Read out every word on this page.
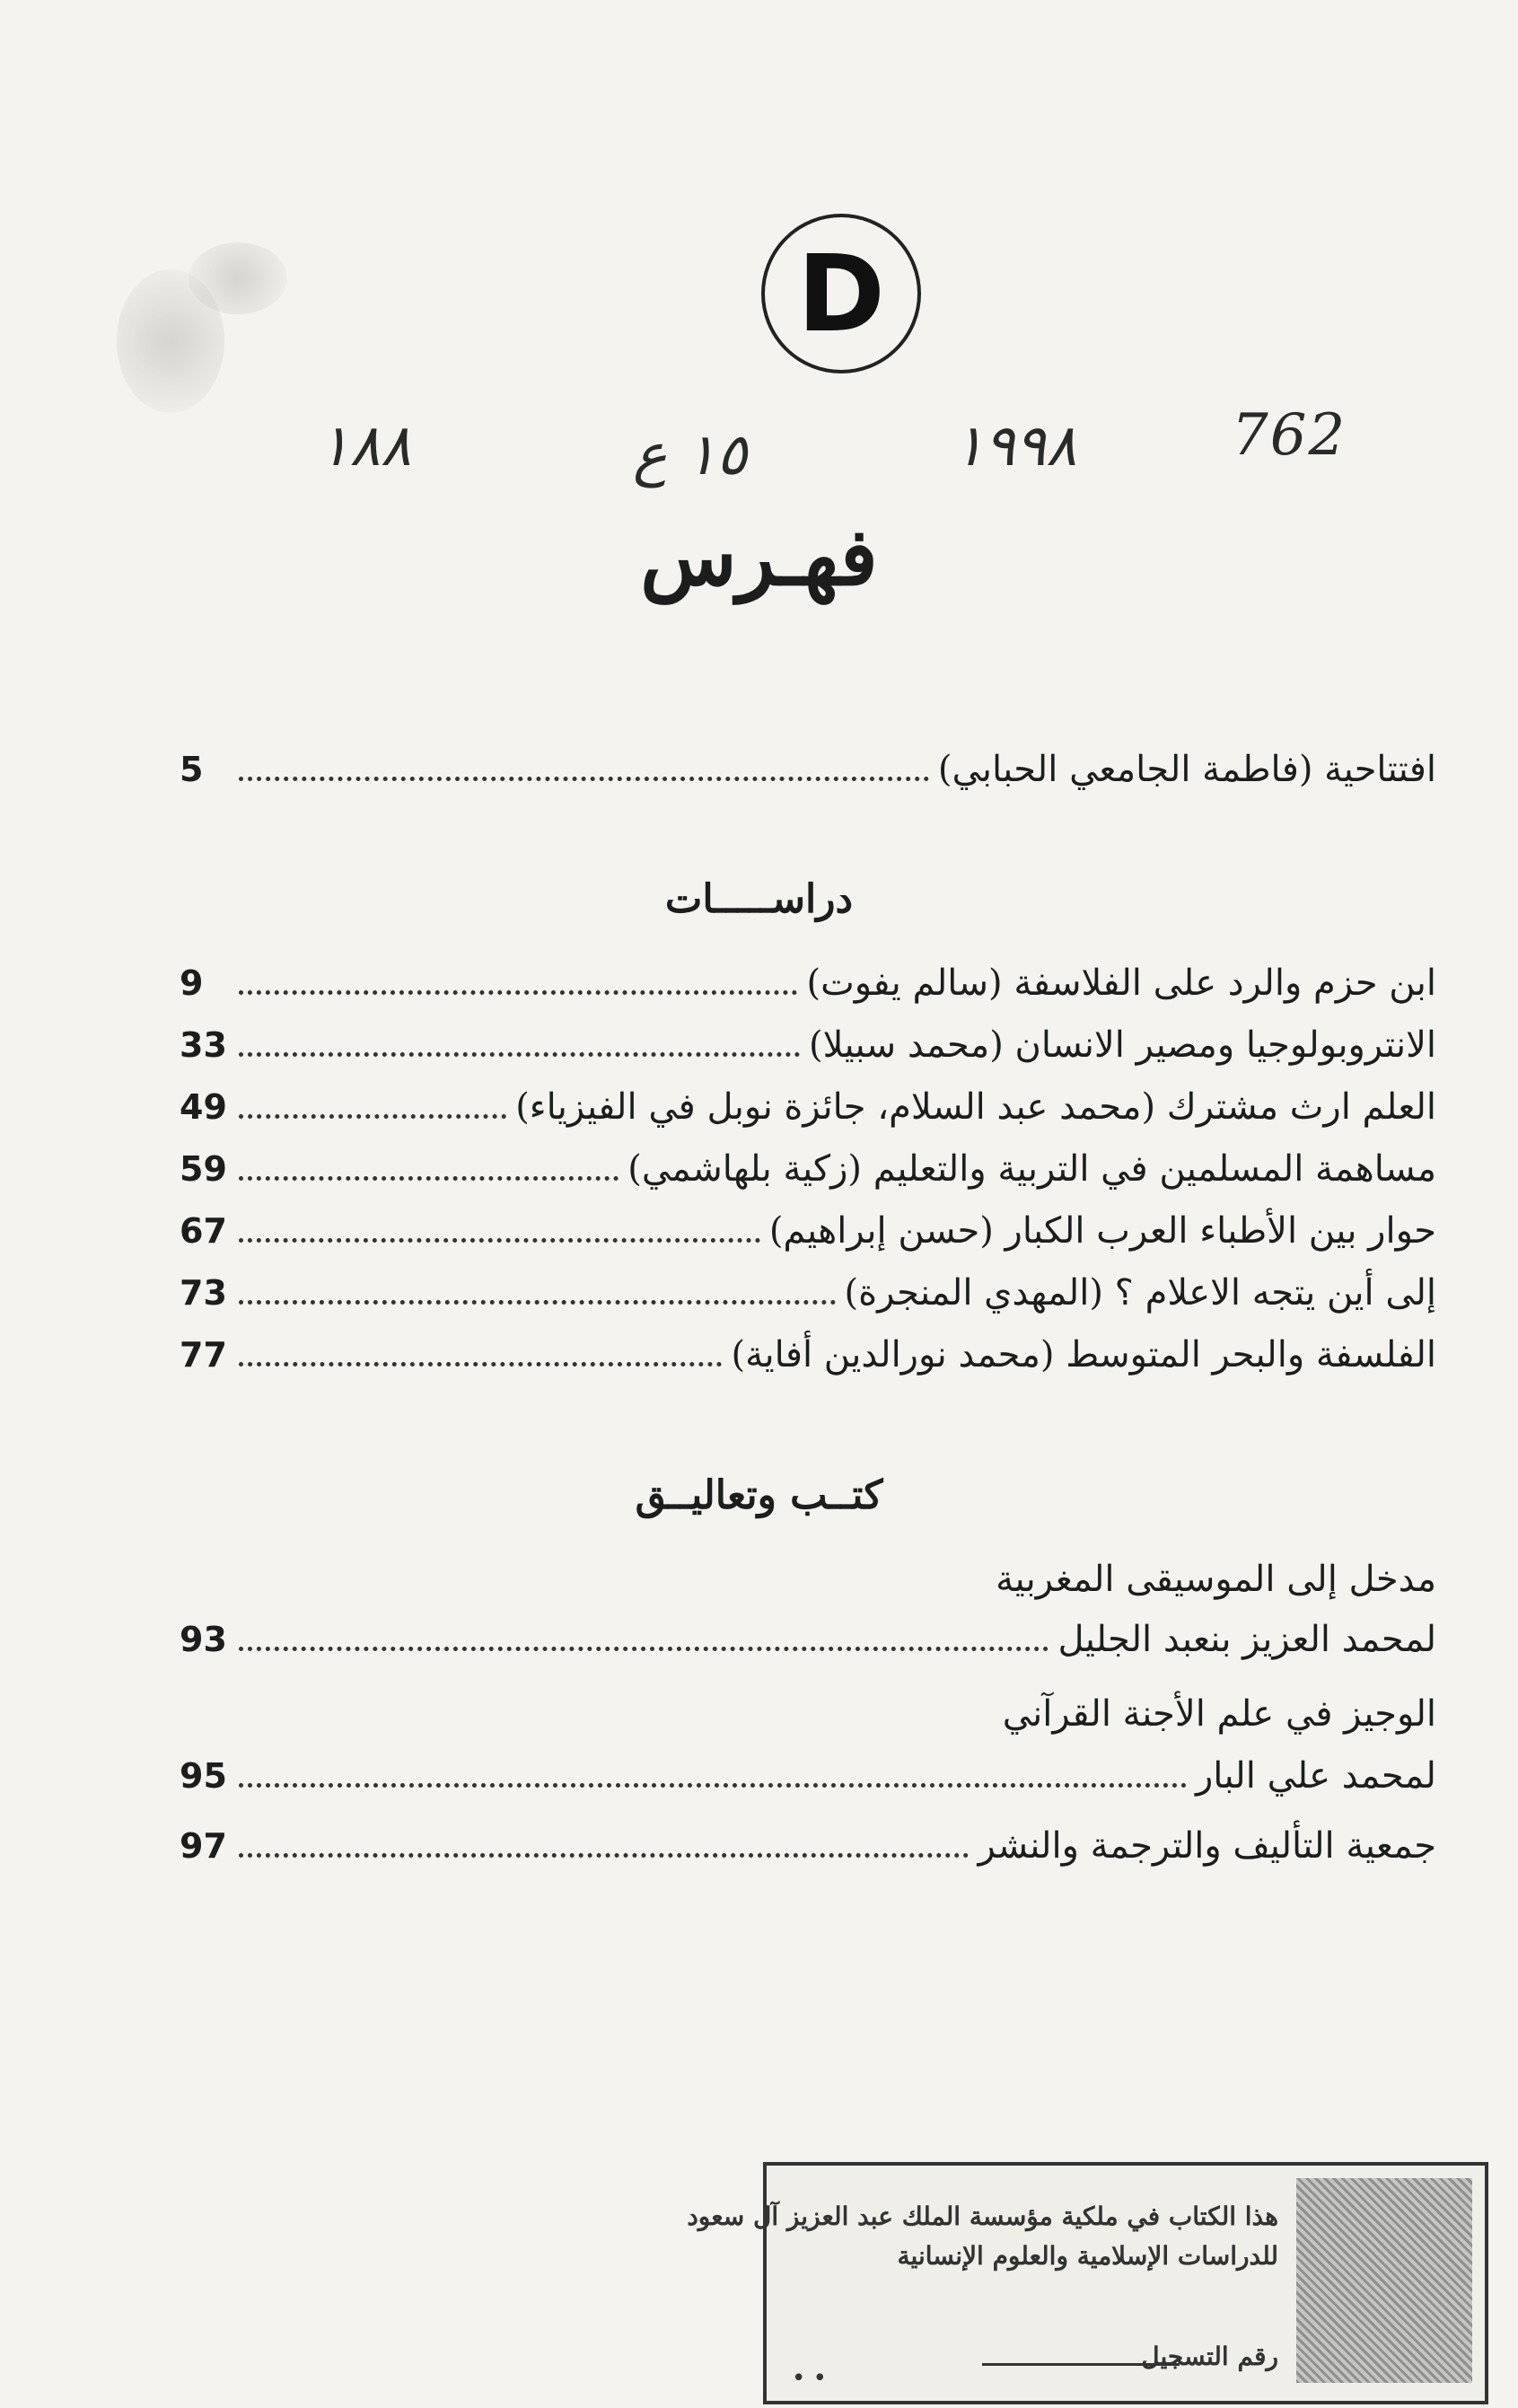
D
١٨٨	١٥ ع	١٩٩٨	762
فهـرس
5	افتتاحية (فاطمة الجامعي الحبابي)
دراســـــات
9	ابن حزم والرد على الفلاسفة (سالم يفوت)
33	الانتروبولوجيا ومصير الانسان (محمد سبيلا)
49	العلم ارث مشترك (محمد عبد السلام، جائزة نوبل في الفيزياء)
59	مساهمة المسلمين في التربية والتعليم (زكية بلهاشمي)
67	حوار بين الأطباء العرب الكبار (حسن إبراهيم)
73	إلى أين يتجه الاعلام ؟ (المهدي المنجرة)
77	الفلسفة والبحر المتوسط (محمد نورالدين أفاية)
كتــب وتعاليــق
مدخل إلى الموسيقى المغربية
93	لمحمد العزيز بنعبد الجليل
الوجيز في علم الأجنة القرآني
95	لمحمد علي البار
97	جمعية التأليف والترجمة والنشر
هذا الكتاب في ملكية مؤسسة الملك عبد العزيز آل سعود
للدراسات الإسلامية والعلوم الإنسانية
رقم التسجيل
• •
